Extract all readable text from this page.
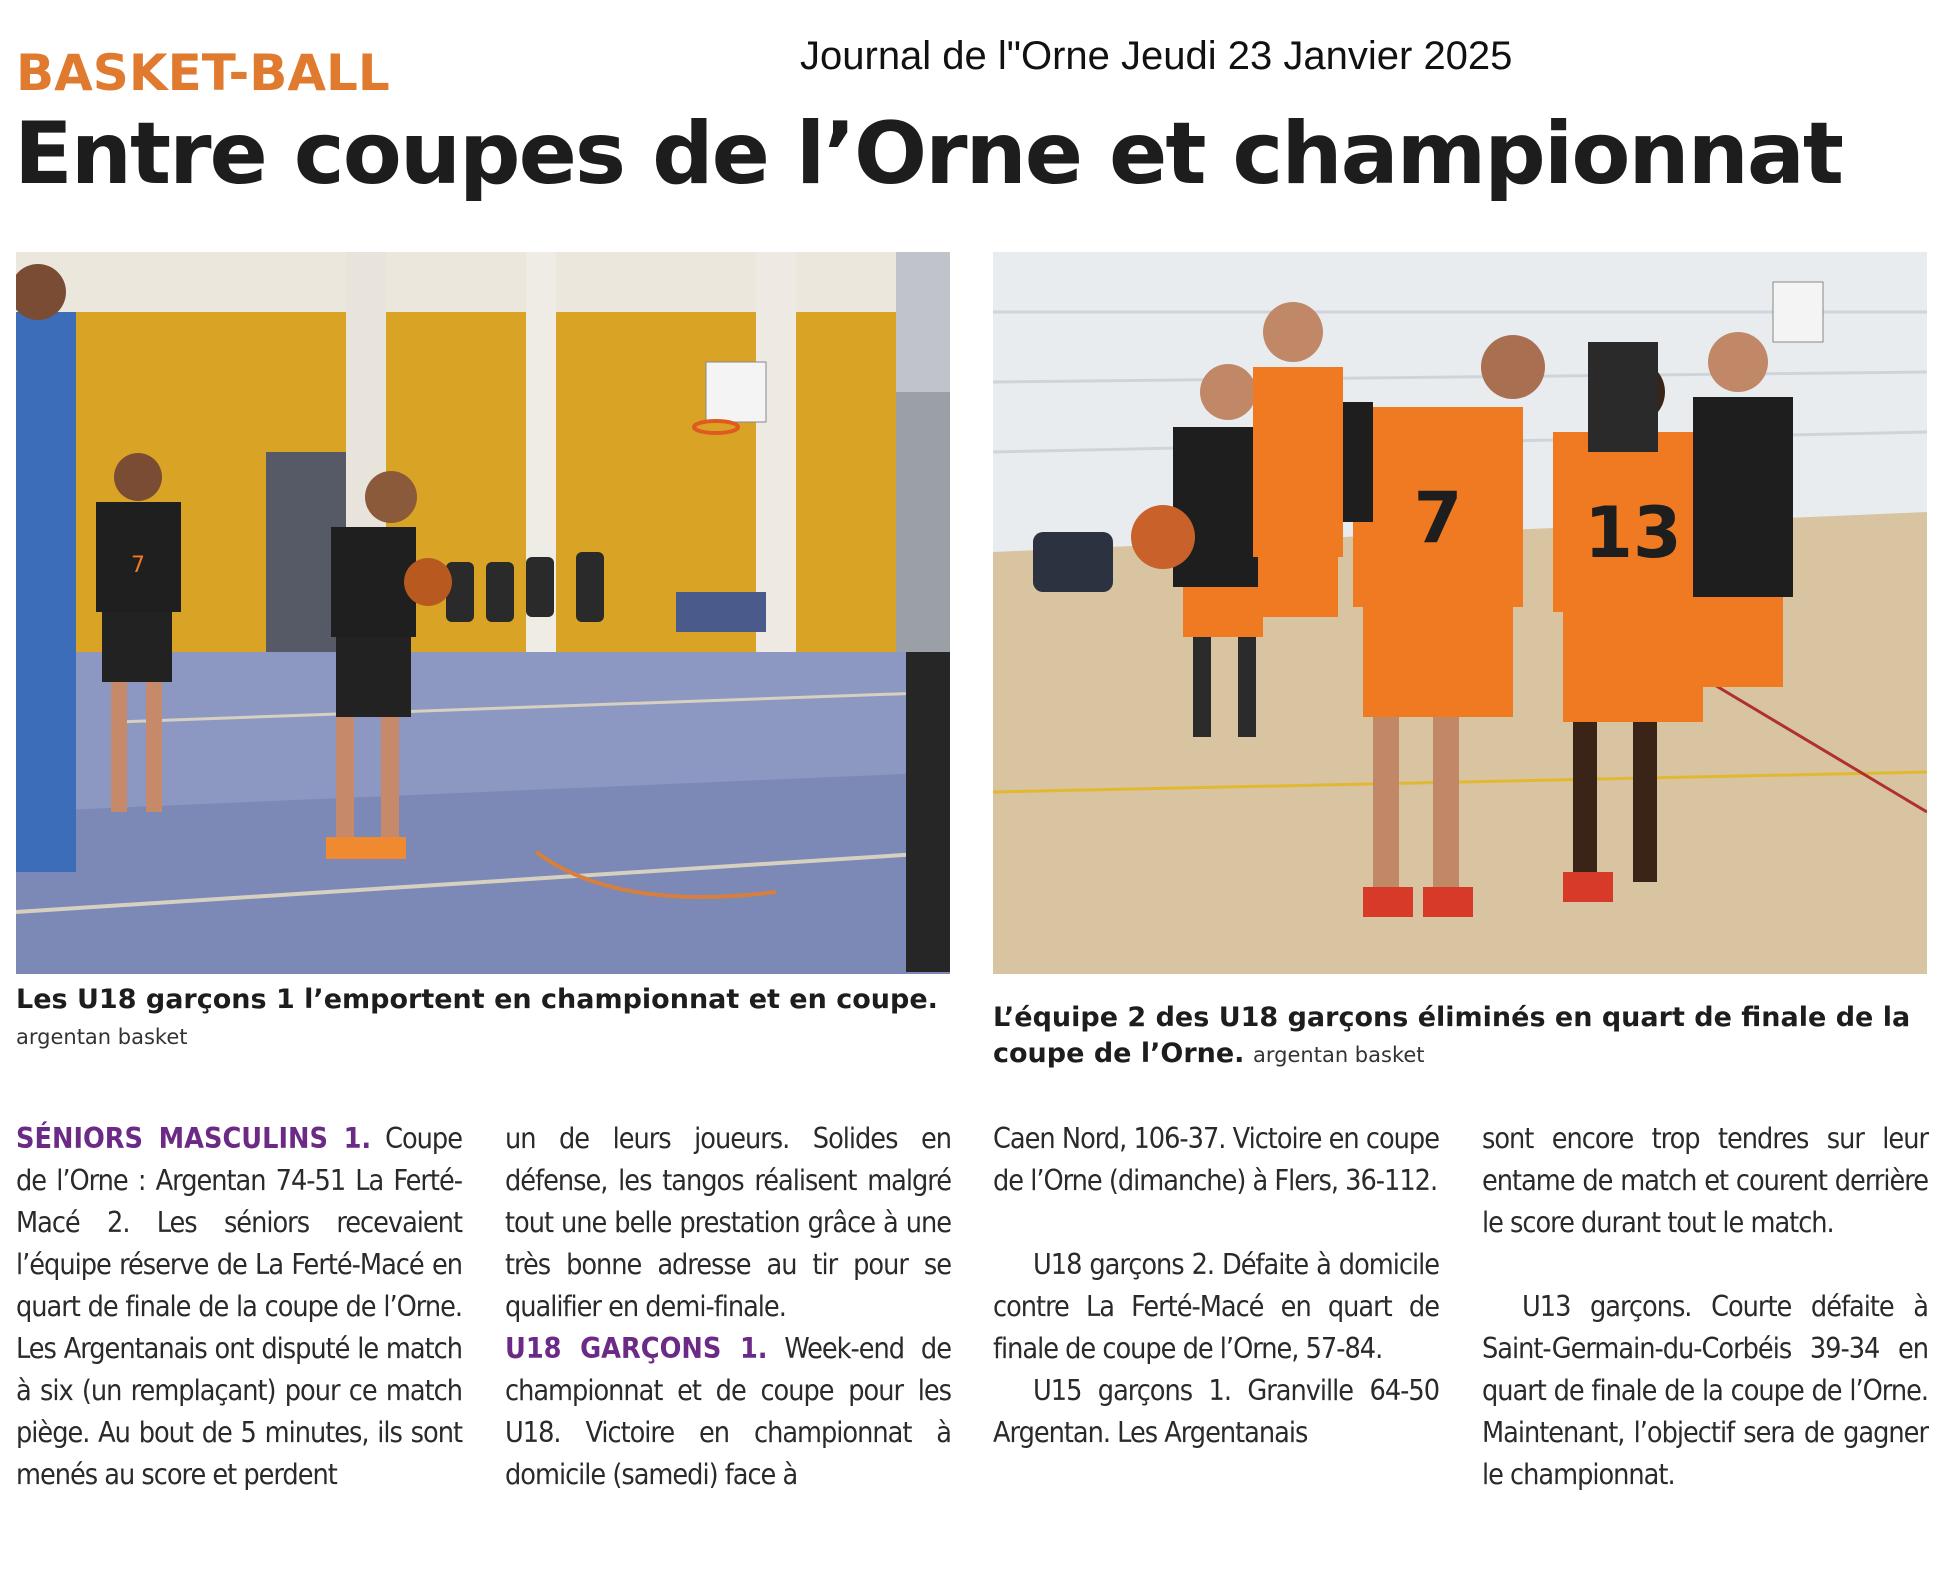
BASKET-BALL	Journal de l"Orne Jeudi 23 Janvier 2025
Entre coupes de l’Orne et championnat
7
Les U18 garçons 1 l’emportent en championnat et en coupe.
argentan basket
7 13
L’équipe 2 des U18 garçons éliminés en quart de finale de la coupe de l’Orne. argentan basket

SÉNIORS MASCULINS 1. Coupe de l’Orne : Argentan 74-51 La Ferté-Macé 2. Les séniors recevaient l’équipe réserve de La Ferté-Macé en quart de finale de la coupe de l’Orne. Les Argentanais ont disputé le match à six (un remplaçant) pour ce match piège. Au bout de 5 minutes, ils sont menés au score et perdent

un de leurs joueurs. Solides en défense, les tangos réalisent malgré tout une belle prestation grâce à une très bonne adresse au tir pour se qualifier en demi-finale.

U18 GARÇONS 1. Week-end de championnat et de coupe pour les U18. Victoire en championnat à domicile (samedi) face à

Caen Nord, 106-37. Victoire en coupe de l’Orne (dimanche) à Flers, 36-112.

U18 garçons 2. Défaite à domicile contre La Ferté-Macé en quart de finale de coupe de l’Orne, 57-84.

U15 garçons 1. Granville 64-50 Argentan. Les Argentanais

sont encore trop tendres sur leur entame de match et courent derrière le score durant tout le match.

U13 garçons. Courte défaite à Saint-Germain-du-Corbéis 39-34 en quart de finale de la coupe de l’Orne. Maintenant, l’objectif sera de gagner le championnat.
